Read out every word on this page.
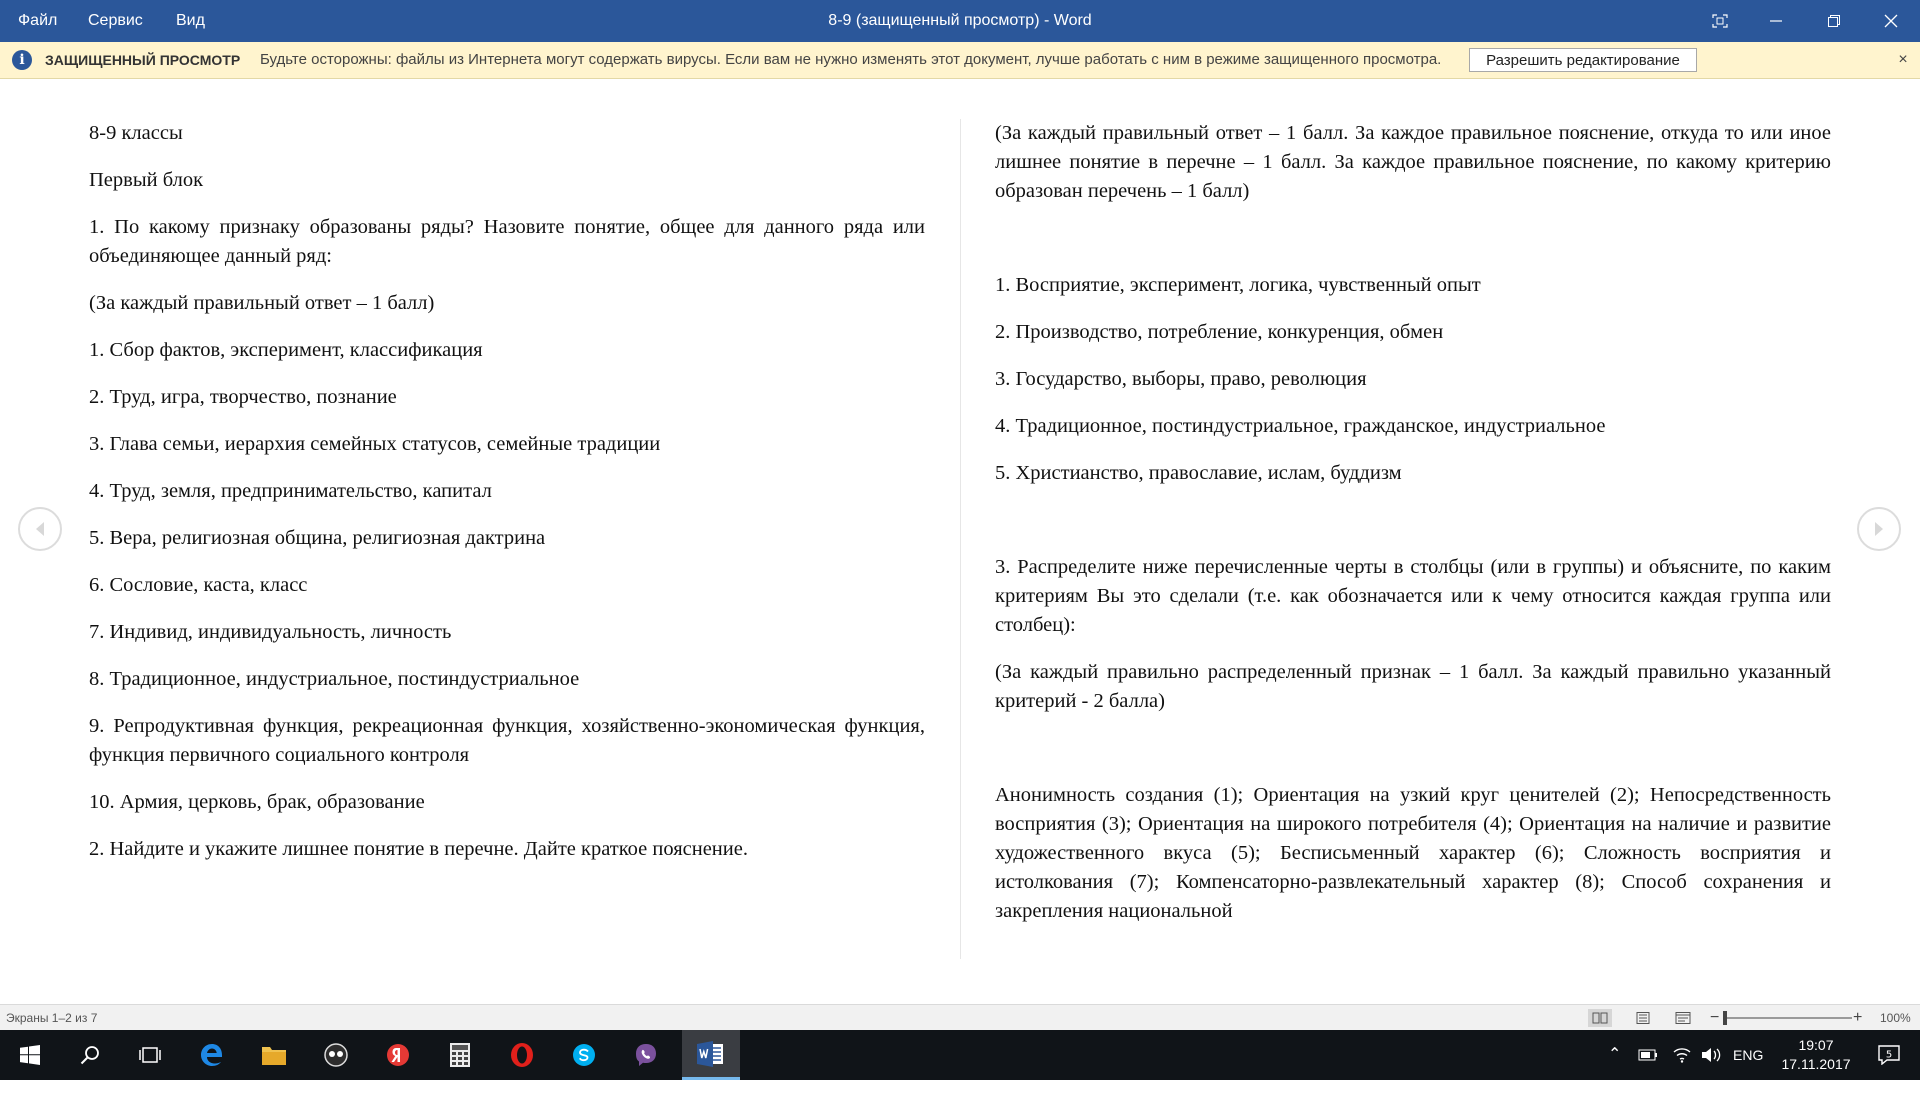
Файл Сервис Вид	8-9 (защищенный просмотр) - Word
i	ЗАЩИЩЕННЫЙ ПРОСМОТР Будьте осторожны: файлы из Интернета могут содержать вирусы. Если вам не нужно изменять этот документ, лучше работать с ним в режиме защищенного просмотра.	Разрешить редактирование	×

8-9 классы

Первый блок

1. По какому признаку образованы ряды? Назовите понятие, общее для данного ряда или объединяющее данный ряд:

(За каждый правильный ответ – 1 балл)

1. Сбор фактов, эксперимент, классификация

2. Труд, игра, творчество, познание

3. Глава семьи, иерархия семейных статусов, семейные традиции

4. Труд, земля, предпринимательство, капитал

5. Вера, религиозная община, религиозная дактрина

6. Сословие, каста, класс

7. Индивид, индивидуальность, личность

8. Традиционное, индустриальное, постиндустриальное

9. Репродуктивная функция, рекреационная функция, хозяйственно-экономическая функция, функция первичного социального контроля

10. Армия, церковь, брак, образование

2. Найдите и укажите лишнее понятие в перечне. Дайте краткое пояснение.

(За каждый правильный ответ – 1 балл. За каждое правильное пояснение, откуда то или иное лишнее понятие в перечне – 1 балл. За каждое правильное пояснение, по какому критерию образован перечень – 1 балл)

1. Восприятие, эксперимент, логика, чувственный опыт

2. Производство, потребление, конкуренция, обмен

3. Государство, выборы, право, революция

4. Традиционное, постиндустриальное, гражданское, индустриальное

5. Христианство, православие, ислам, буддизм

3. Распределите ниже перечисленные черты в столбцы (или в группы) и объясните, по каким критериям Вы это сделали (т.е. как обозначается или к чему относится каждая группа или столбец):

(За каждый правильно распределенный признак – 1 балл. За каждый правильно указанный критерий - 2 балла)

Анонимность создания (1); Ориентация на узкий круг ценителей (2); Непосредственность восприятия (3); Ориентация на широкого потребителя (4); Ориентация на наличие и развитие художественного вкуса (5); Бесписьменный характер (6); Сложность восприятия и истолкования (7); Компенсаторно-развлекательный характер (8); Способ сохранения и закрепления национальной

Экраны 1–2 из 7	−	+ 100%
⌃	ENG
19:07
17.11.2017
5
